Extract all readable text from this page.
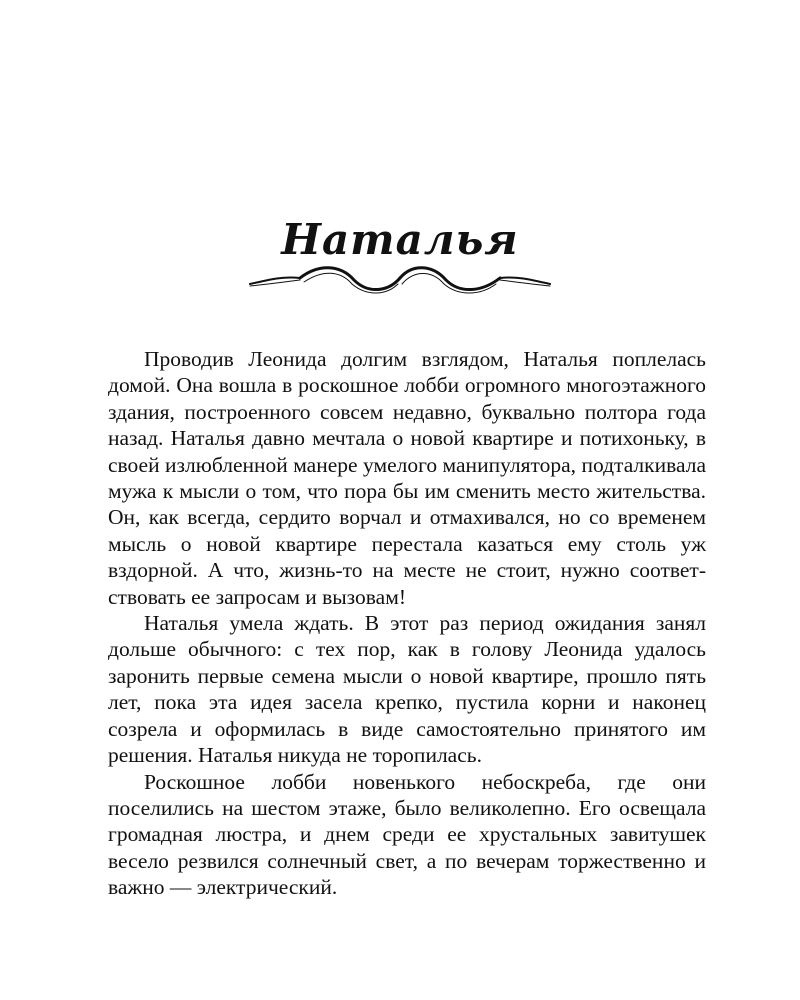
Наталья

Проводив Леонида долгим взглядом, Наталья поплелась домой. Она вошла в роскошное лобби огромного многоэтажного здания, построенного совсем недавно, буквально полтора года назад. Наталья давно мечтала о новой квартире и потихоньку, в своей излюбленной манере умелого манипулятора, подталкивала мужа к мысли о том, что пора бы им сменить место жительства. Он, как всегда, сердито ворчал и отмахивался, но со временем мысль о новой квартире перестала казаться ему столь уж вздорной. А что, жизнь-то на месте не стоит, нужно соответствовать ее запросам и вызовам!

Наталья умела ждать. В этот раз период ожидания занял дольше обычного: с тех пор, как в голову Леонида удалось заронить первые семена мысли о новой квартире, прошло пять лет, пока эта идея засела крепко, пустила корни и наконец созрела и оформилась в виде самостоятельно принятого им решения. Наталья никуда не торопилась.

Роскошное лобби новенького небоскреба, где они поселились на шестом этаже, было великолепно. Его освещала громадная люстра, и днем среди ее хрустальных завитушек весело резвился солнечный свет, а по вечерам торжественно и важно — электрический.
